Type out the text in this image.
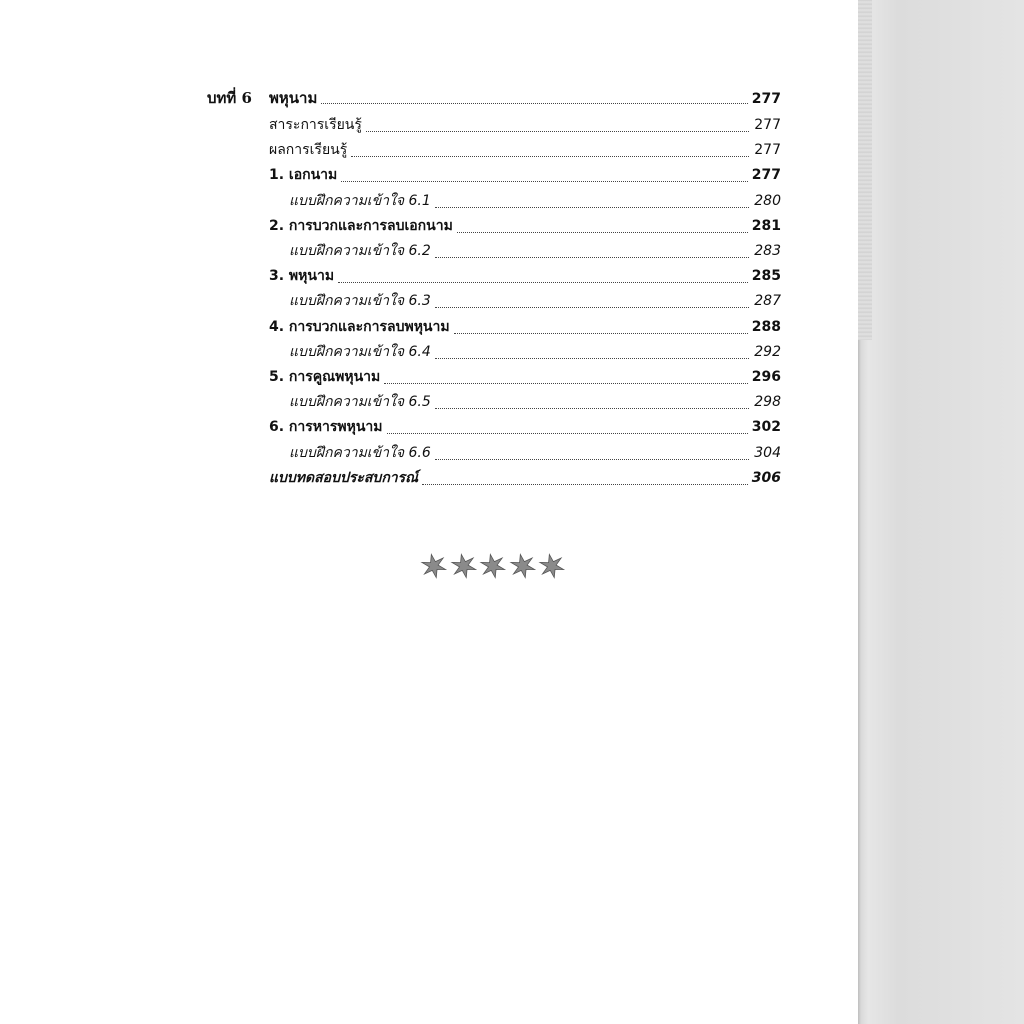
บทที่ 6	พหุนาม	277
สาระการเรียนรู้	277
ผลการเรียนรู้	277
1. เอกนาม	277
แบบฝึกความเข้าใจ 6.1	280
2. การบวกและการลบเอกนาม	281
แบบฝึกความเข้าใจ 6.2	283
3. พหุนาม	285
แบบฝึกความเข้าใจ 6.3	287
4. การบวกและการลบพหุนาม	288
แบบฝึกความเข้าใจ 6.4	292
5. การคูณพหุนาม	296
แบบฝึกความเข้าใจ 6.5	298
6. การหารพหุนาม	302
แบบฝึกความเข้าใจ 6.6	304
แบบทดสอบประสบการณ์	306
